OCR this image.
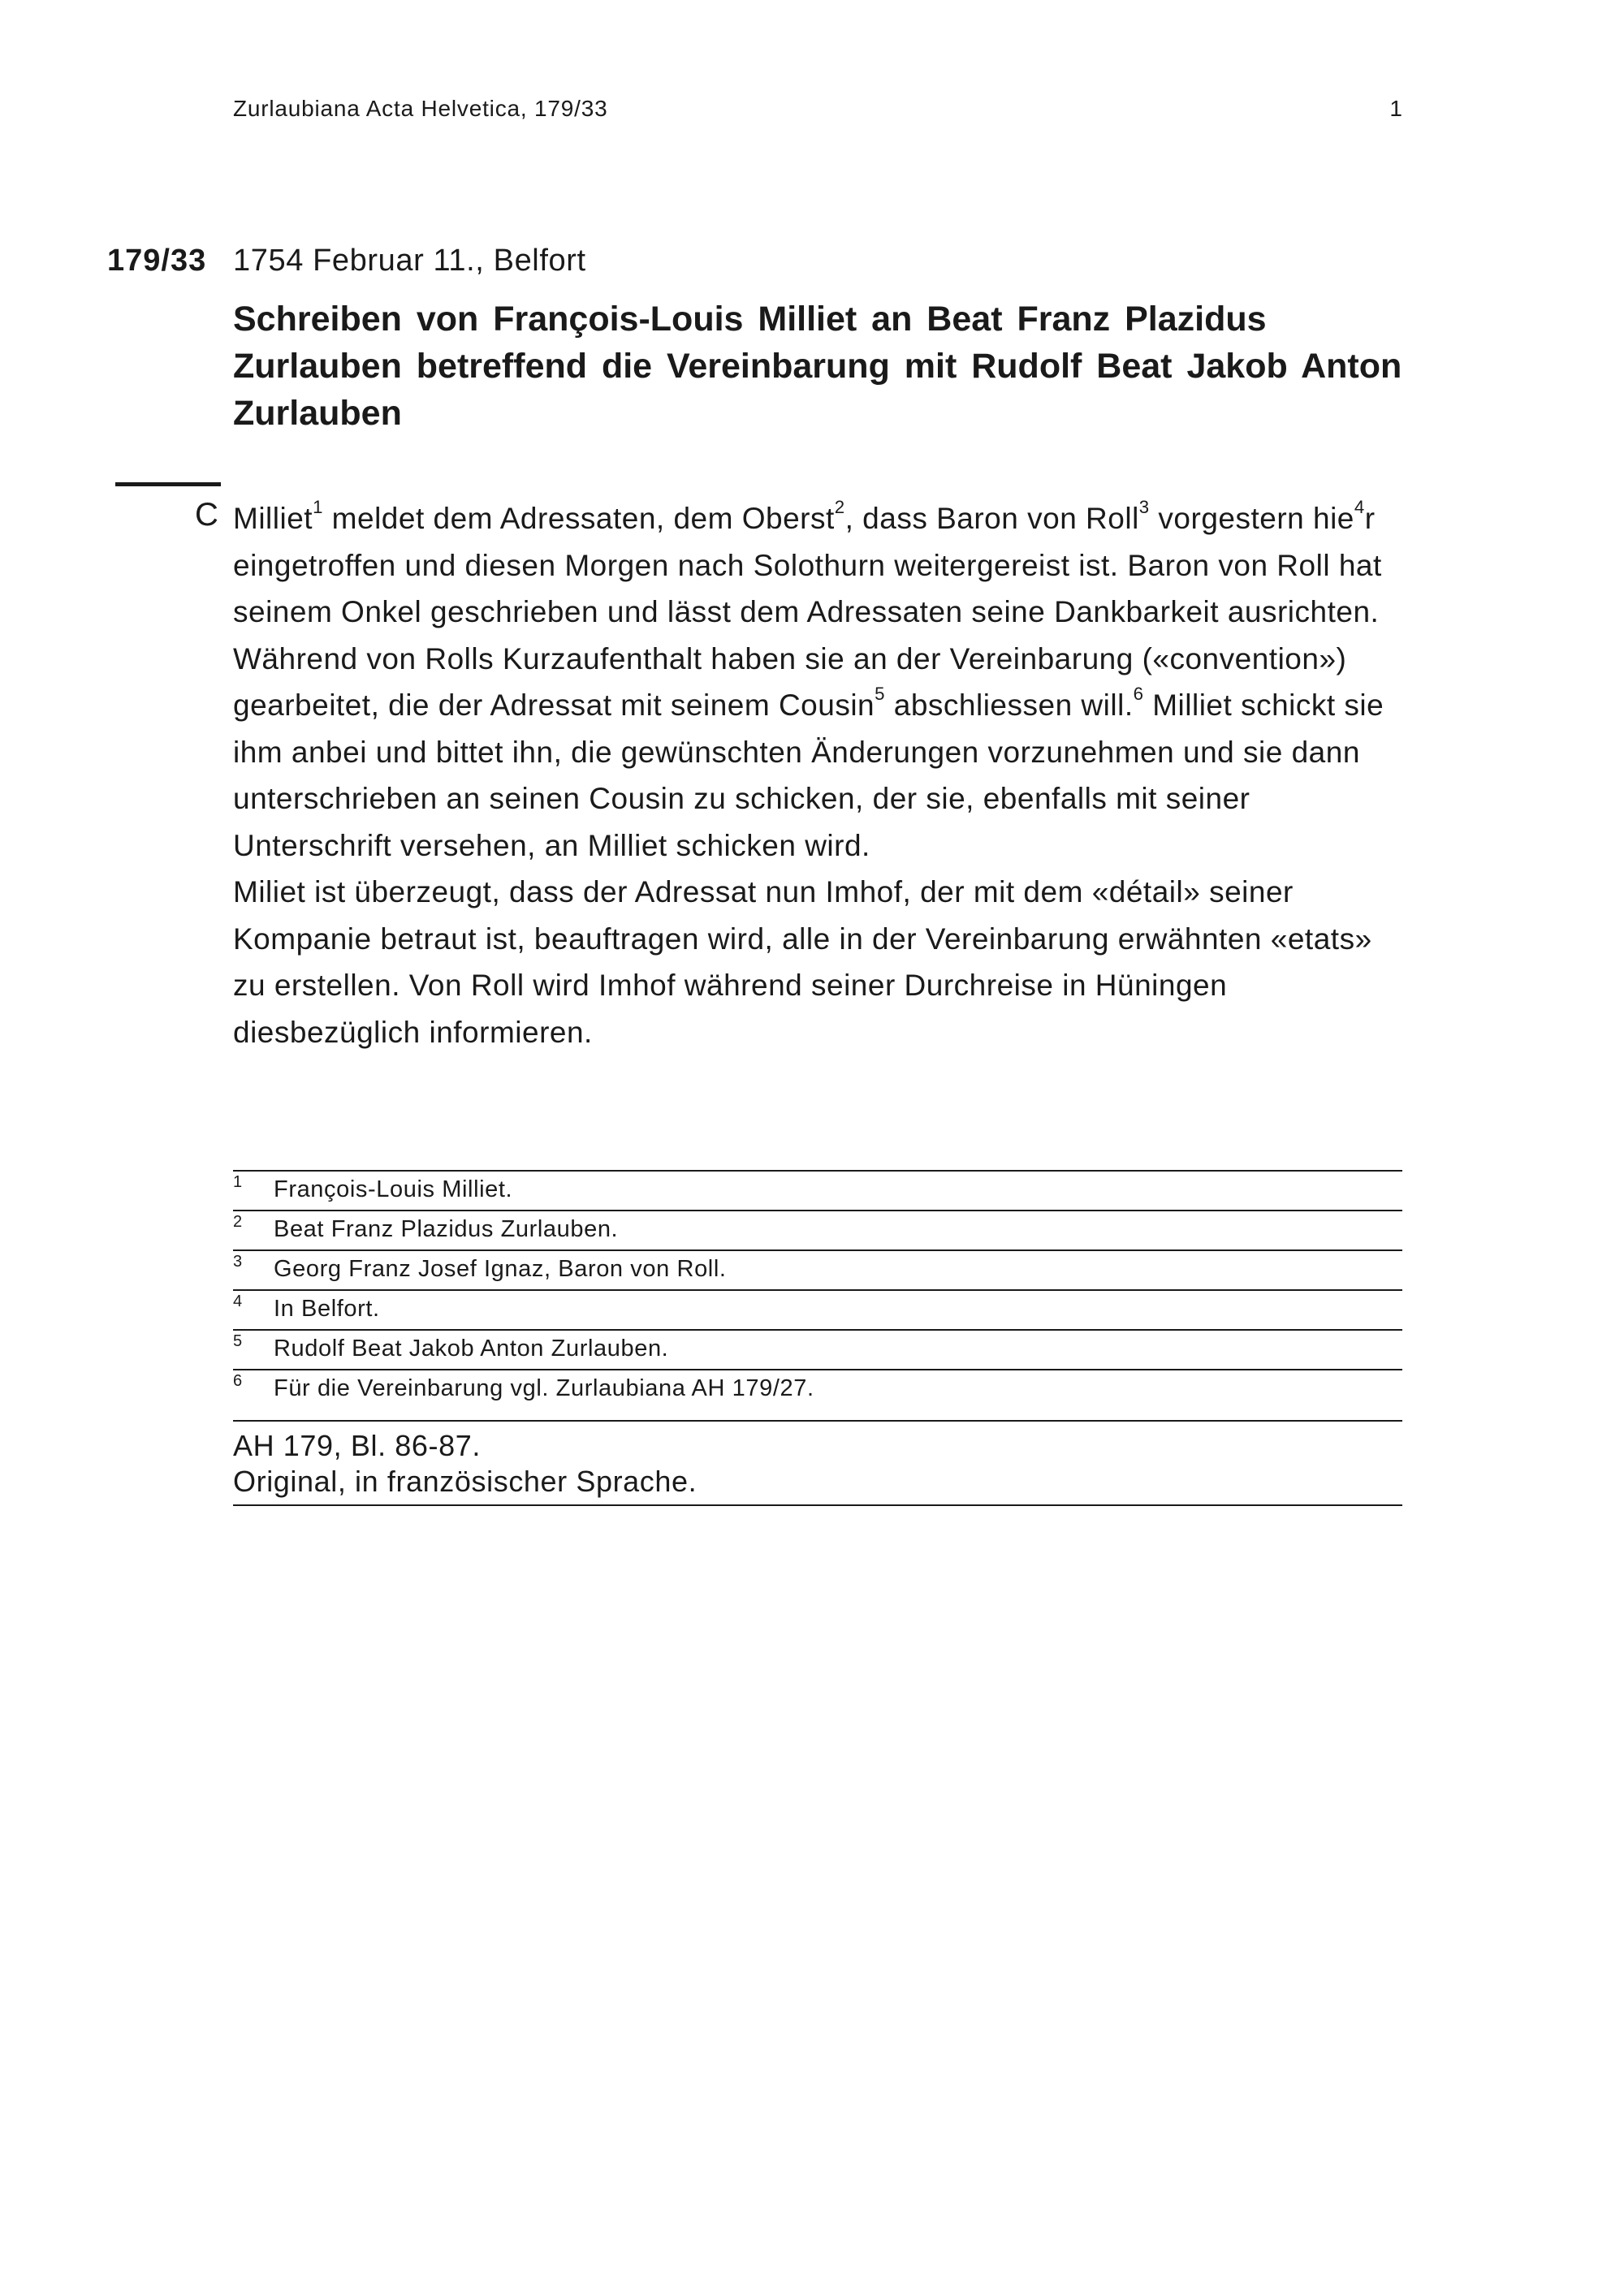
Zurlaubiana Acta Helvetica, 179/33	1
179/33 1754 Februar 11., Belfort
Schreiben von François-Louis Milliet an Beat Franz Plazidus Zurlauben betreffend die Vereinbarung mit Rudolf Beat Jakob Anton Zurlauben
C Milliet$^1$ meldet dem Adressaten, dem Oberst$^2$, dass Baron von Roll$^3$ vorgestern hie$^4$r eingetroffen und diesen Morgen nach Solothurn weitergereist ist. Baron von Roll hat seinem Onkel geschrieben und lässt dem Adressaten seine Dankbarkeit ausrichten.

Während von Rolls Kurzaufenthalt haben sie an der Vereinbarung («convention») gearbeitet, die der Adressat mit seinem Cousin$^5$ abschliessen will.$^6$ Milliet schickt sie ihm anbei und bittet ihn, die gewünschten Änderungen vorzunehmen und sie dann unterschrieben an seinen Cousin zu schicken, der sie, ebenfalls mit seiner Unterschrift versehen, an Milliet schicken wird.

Miliet ist überzeugt, dass der Adressat nun Imhof, der mit dem «détail» seiner Kompanie betraut ist, beauftragen wird, alle in der Vereinbarung erwähnten «etats» zu erstellen. Von Roll wird Imhof während seiner Durchreise in Hüningen diesbezüglich informieren.

1 François-Louis Milliet.
2 Beat Franz Plazidus Zurlauben.
3 Georg Franz Josef Ignaz, Baron von Roll.
4 In Belfort.
5 Rudolf Beat Jakob Anton Zurlauben.
6 Für die Vereinbarung vgl. Zurlaubiana AH 179/27.
AH 179, Bl. 86-87.
Original, in französischer Sprache.
